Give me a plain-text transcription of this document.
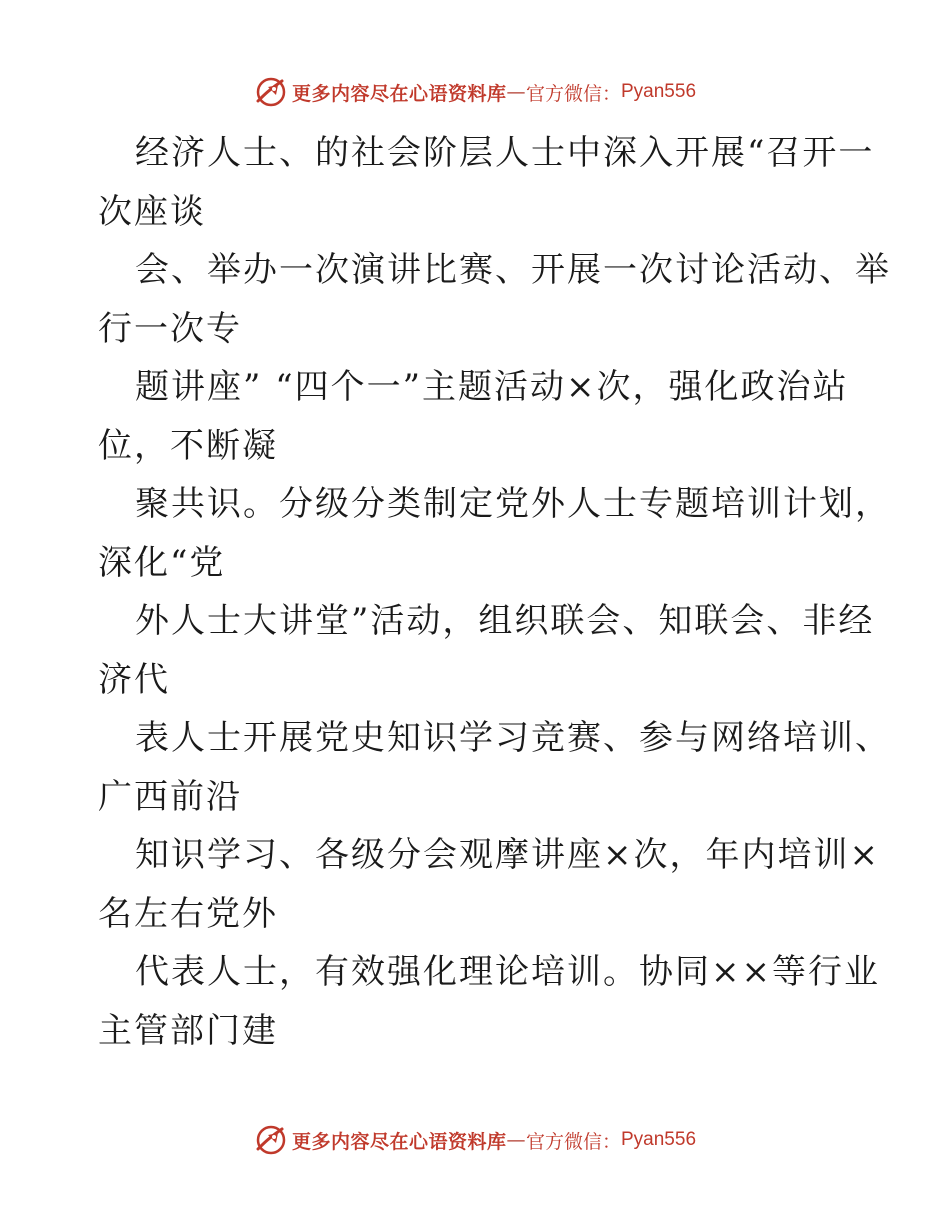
更多内容尽在心语资料库 — 官方微信： Pyan556
经济人士、的社会阶层人士中深入开展“召开一
次座谈
会、举办一次演讲比赛、开展一次讨论活动、举
行一次专
题讲座” “四个一”主题活动×次，强化政治站
位，不断凝
聚共识。分级分类制定党外人士专题培训计划，
深化“党
外人士大讲堂”活动，组织联会、知联会、非经
济代
表人士开展党史知识学习竞赛、参与网络培训、
广西前沿
知识学习、各级分会观摩讲座×次，年内培训×
名左右党外
代表人士，有效强化理论培训。协同××等行业
主管部门建
更多内容尽在心语资料库 — 官方微信： Pyan556
